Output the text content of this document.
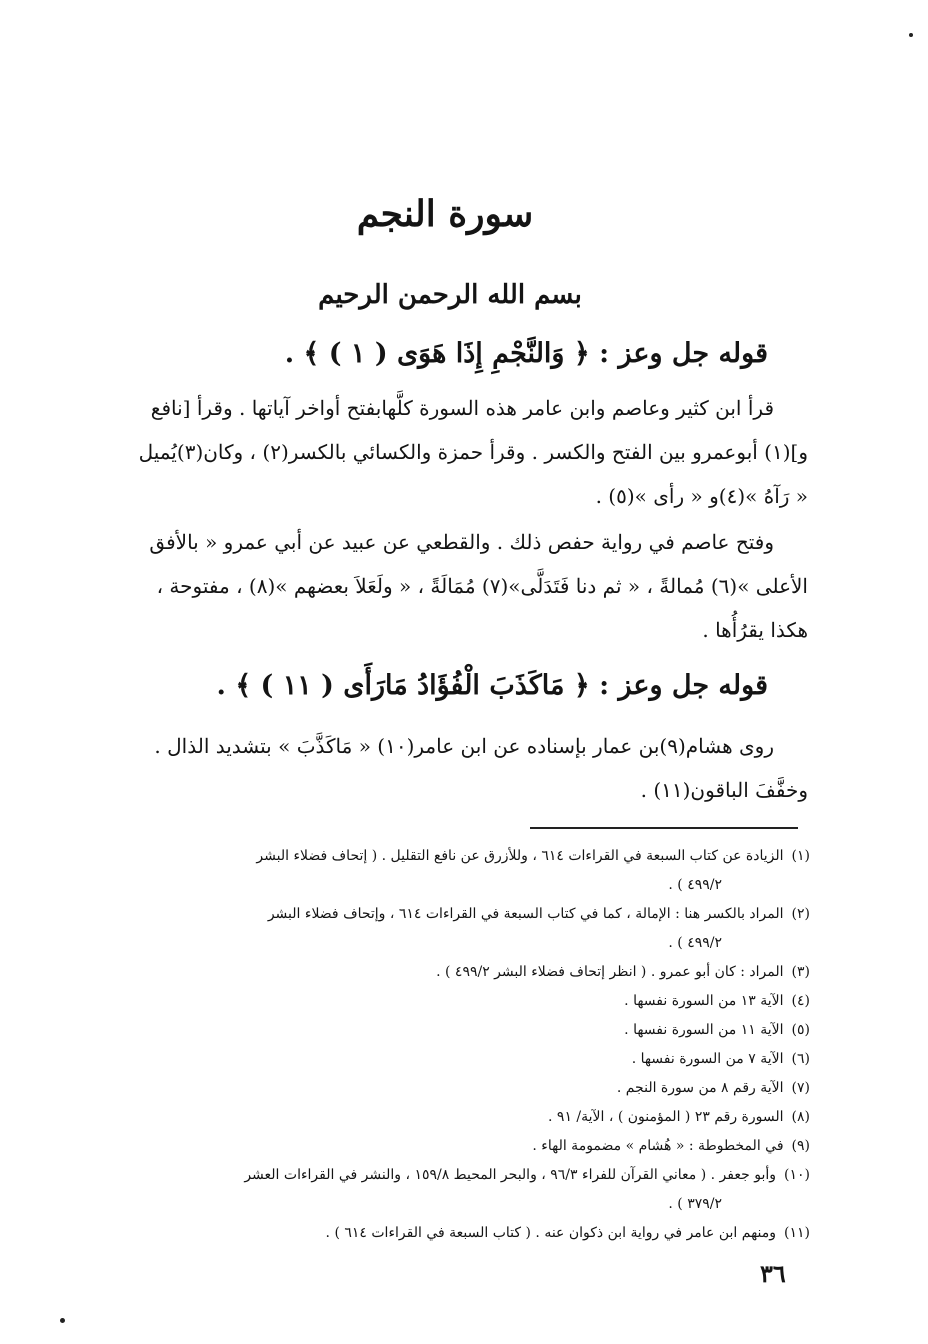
سورة النجم
بسم الله الرحمن الرحيم
قوله جل وعز : ﴿ وَالنَّجْمِ إِذَا هَوَى ( ١ ) ﴾ .

قرأ ابن كثير وعاصم وابن عامر هذه السورة كلَّهابفتح أواخر آياتها . وقرأ [نافع

و](١) أبوعمرو بين الفتح والكسر . وقرأ حمزة والكسائي بالكسر(٢) ، وكان(٣)يُميل

« رَآهُ »(٤)و « رأى »(٥) .

وفتح عاصم في رواية حفص ذلك . والقطعي عن عبيد عن أبي عمرو « بالأفق

الأعلى »(٦) مُمالةً ، « ثم دنا فَتَدَلَّى»(٧) مُمَالَةً ، « ولَعَلاَ بعضهم »(٨) ، مفتوحة ،

هكذا يقرُأُها .

قوله جل وعز : ﴿ مَاكَذَبَ الْفُؤَادُ مَارَأَى ( ١١ ) ﴾ .

روى هشام(٩)بن عمار بإسناده عن ابن عامر(١٠) « مَاكَذَّبَ » بتشديد الذال .

وخفَّفَ الباقون(١١) .

(١)الزيادة عن كتاب السبعة في القراءات ٦١٤ ، وللأزرق عن نافع التقليل . ( إتحاف فضلاء البشر

٤٩٩/٢ ) .

(٢)المراد بالكسر هنا : الإمالة ، كما في كتاب السبعة في القراءات ٦١٤ ، وإتحاف فضلاء البشر

٤٩٩/٢ ) .

(٣)المراد : كان أبو عمرو . ( انظر إتحاف فضلاء البشر ٤٩٩/٢ ) .

(٤)الآية ١٣ من السورة نفسها .

(٥)الآية ١١ من السورة نفسها .

(٦)الآية ٧ من السورة نفسها .

(٧)الآية رقم ٨ من سورة النجم .

(٨)السورة رقم ٢٣ ( المؤمنون ) ، الآية/ ٩١ .

(٩)في المخطوطة : « هُشام » مضمومة الهاء .

(١٠)وأبو جعفر . ( معاني القرآن للفراء ٩٦/٣ ، والبحر المحيط ١٥٩/٨ ، والنشر في القراءات العشر

٣٧٩/٢ ) .

(١١)ومنهم ابن عامر في رواية ابن ذكوان عنه . ( كتاب السبعة في القراءات ٦١٤ ) .

٣٦
